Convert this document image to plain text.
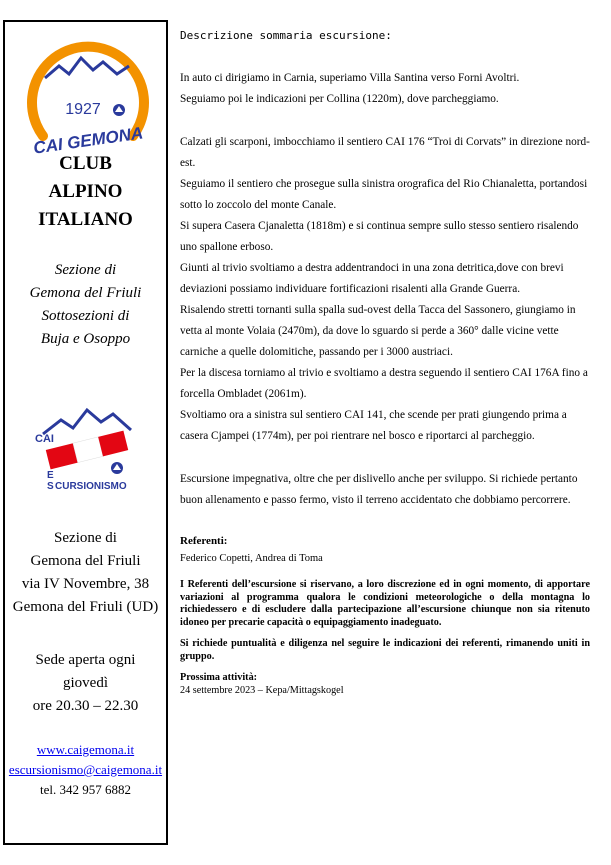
1927
CAI GEMONA
CLUB
ALPINO
ITALIANO
Sezione di
Gemona del Friuli
Sottosezioni di
Buja e Osoppo
CAI
E
S CURSIONISMO
Sezione di
Gemona del Friuli
via IV Novembre, 38
Gemona del Friuli (UD)
Sede aperta ogni
giovedì
ore 20.30 – 22.30
www.caigemona.it
escursionismo@caigemona.it
tel. 342 957 6882
Descrizione sommaria escursione:

In auto ci dirigiamo in Carnia, superiamo Villa Santina verso Forni Avoltri.

Seguiamo poi le indicazioni per Collina (1220m), dove parcheggiamo.

Calzati gli scarponi, imbocchiamo il sentiero CAI 176 “Troi di Corvats” in direzione nord-est.

Seguiamo il sentiero che prosegue sulla sinistra orografica del Rio Chianaletta, portandosi sotto lo zoccolo del monte Canale.

Si supera Casera Cjanaletta (1818m) e si continua sempre sullo stesso sentiero risalendo uno spallone erboso.

Giunti al trivio svoltiamo a destra addentrandoci in una zona detritica,dove con brevi deviazioni possiamo individuare fortificazioni risalenti alla Grande Guerra.

Risalendo stretti tornanti sulla spalla sud-ovest della Tacca del Sassonero, giungiamo in vetta al monte Volaia (2470m), da dove lo sguardo si perde a 360° dalle vicine vette carniche a quelle dolomitiche, passando per i 3000 austriaci.

Per la discesa torniamo al trivio e svoltiamo a destra seguendo il sentiero CAI 176A fino a forcella Ombladet (2061m).

Svoltiamo ora a sinistra sul sentiero CAI 141, che scende per prati giungendo prima a casera Cjampei (1774m), per poi rientrare nel bosco e riportarci al parcheggio.

Escursione impegnativa, oltre che per dislivello anche per sviluppo. Si richiede pertanto buon allenamento e passo fermo, visto il terreno accidentato che dobbiamo percorrere.

Referenti:
Federico Copetti, Andrea di Toma

I Referenti dell’escursione si riservano, a loro discrezione ed in ogni momento, di apportare variazioni al programma qualora le condizioni meteorologiche o della montagna lo richiedessero e di escludere dalla partecipazione all’escursione chiunque non sia ritenuto idoneo per precarie capacità o equipaggiamento inadeguato.

Si richiede puntualità e diligenza nel seguire le indicazioni dei referenti, rimanendo uniti in gruppo.

Prossima attività:
24 settembre 2023 – Kepa/Mittagskogel
